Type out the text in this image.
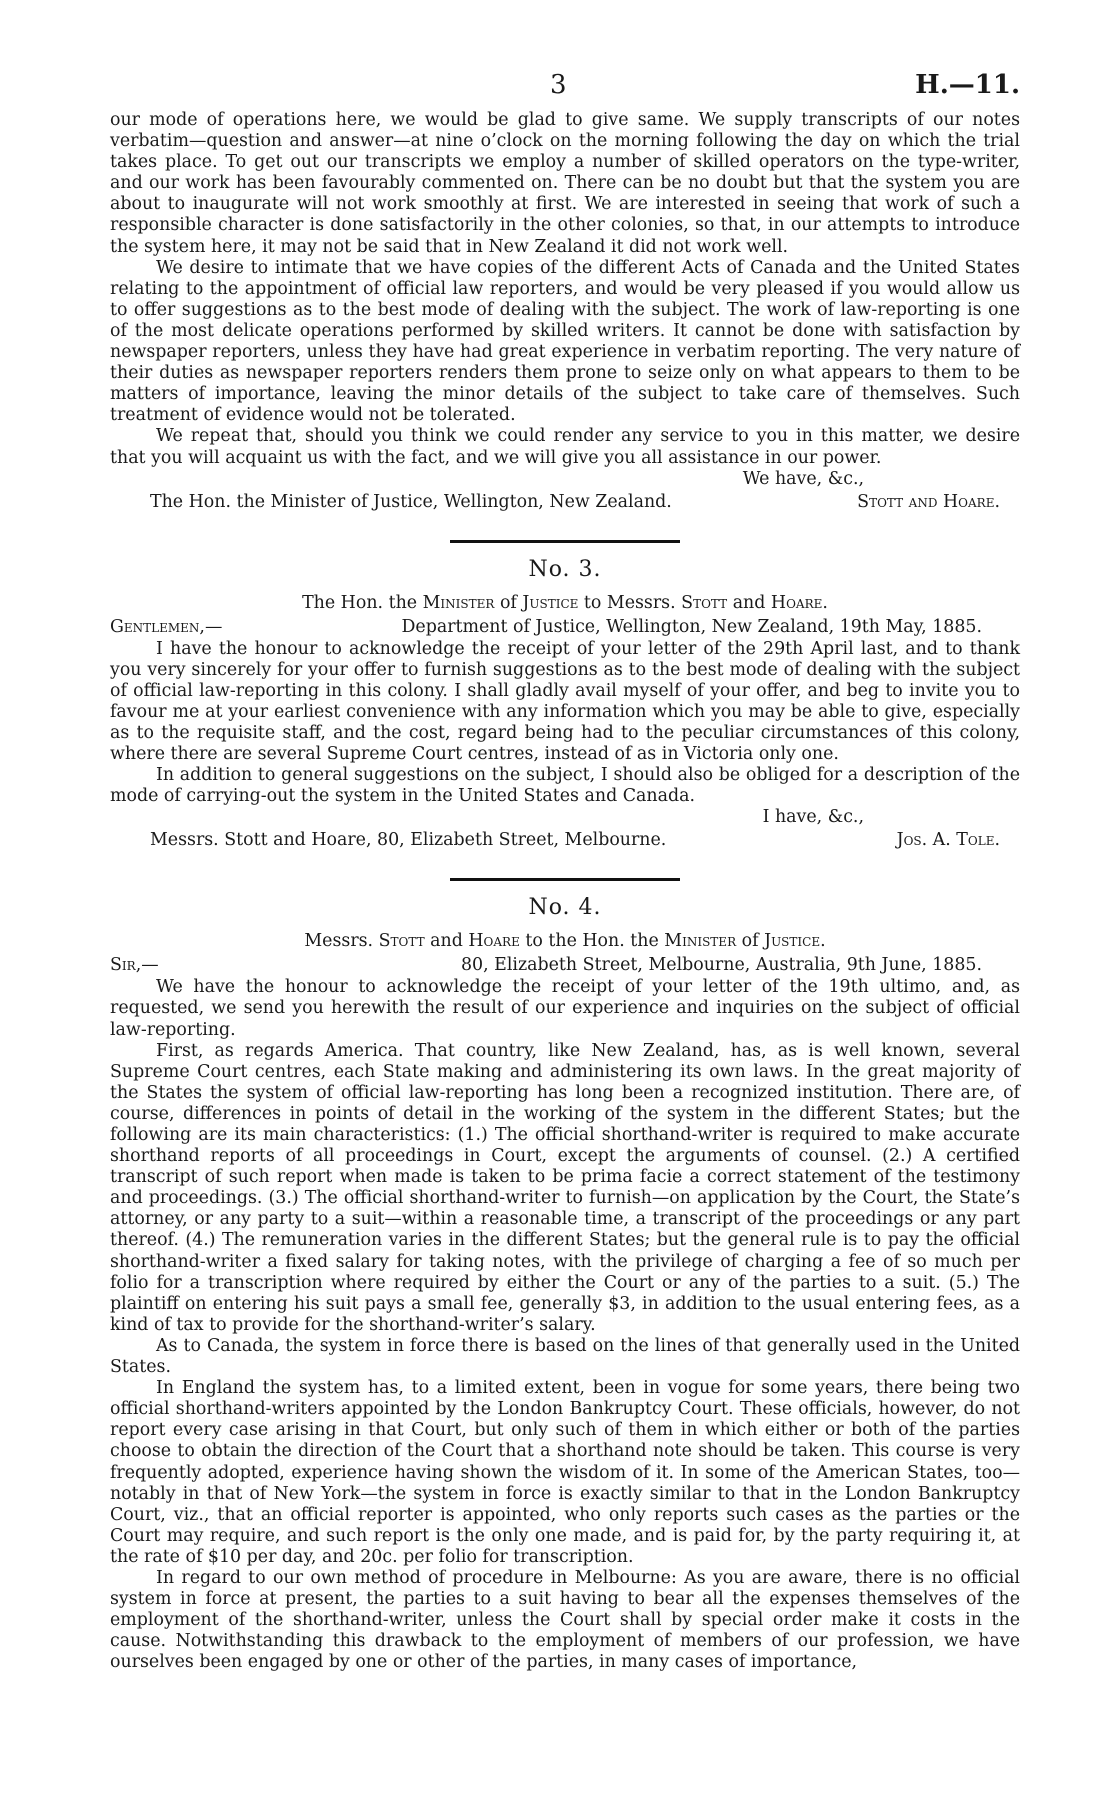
3	H.—11.

our mode of operations here, we would be glad to give same. We supply transcripts of our notes verbatim—question and answer—at nine o’clock on the morning following the day on which the trial takes place. To get out our transcripts we employ a number of skilled operators on the type-writer, and our work has been favourably commented on. There can be no doubt but that the system you are about to inaugurate will not work smoothly at first. We are interested in seeing that work of such a responsible character is done satisfactorily in the other colonies, so that, in our attempts to introduce the system here, it may not be said that in New Zealand it did not work well.

We desire to intimate that we have copies of the different Acts of Canada and the United States relating to the appointment of official law reporters, and would be very pleased if you would allow us to offer suggestions as to the best mode of dealing with the subject. The work of law-reporting is one of the most delicate operations performed by skilled writers. It cannot be done with satisfaction by newspaper reporters, unless they have had great experience in verbatim reporting. The very nature of their duties as newspaper reporters renders them prone to seize only on what appears to them to be matters of importance, leaving the minor details of the subject to take care of themselves. Such treatment of evidence would not be tolerated.

We repeat that, should you think we could render any service to you in this matter, we desire that you will acquaint us with the fact, and we will give you all assistance in our power.

We have, &c.,
The Hon. the Minister of Justice, Wellington, New Zealand.	Stott and Hoare.
No. 3.
The Hon. the Minister of Justice to Messrs. Stott and Hoare.
Gentlemen,—	Department of Justice, Wellington, New Zealand, 19th May, 1885.

I have the honour to acknowledge the receipt of your letter of the 29th April last, and to thank you very sincerely for your offer to furnish suggestions as to the best mode of dealing with the subject of official law-reporting in this colony. I shall gladly avail myself of your offer, and beg to invite you to favour me at your earliest convenience with any information which you may be able to give, especially as to the requisite staff, and the cost, regard being had to the peculiar circumstances of this colony, where there are several Supreme Court centres, instead of as in Victoria only one.

In addition to general suggestions on the subject, I should also be obliged for a description of the mode of carrying-out the system in the United States and Canada.

I have, &c.,
Messrs. Stott and Hoare, 80, Elizabeth Street, Melbourne.	Jos. A. Tole.
No. 4.
Messrs. Stott and Hoare to the Hon. the Minister of Justice.
Sir,—	80, Elizabeth Street, Melbourne, Australia, 9th June, 1885.

We have the honour to acknowledge the receipt of your letter of the 19th ultimo, and, as requested, we send you herewith the result of our experience and inquiries on the subject of official law-reporting.

First, as regards America. That country, like New Zealand, has, as is well known, several Supreme Court centres, each State making and administering its own laws. In the great majority of the States the system of official law-reporting has long been a recognized institution. There are, of course, differences in points of detail in the working of the system in the different States; but the following are its main characteristics: (1.) The official shorthand-writer is required to make accurate shorthand reports of all proceedings in Court, except the arguments of counsel. (2.) A certified transcript of such report when made is taken to be prima facie a correct statement of the testimony and proceedings. (3.) The official shorthand-writer to furnish—on application by the Court, the State’s attorney, or any party to a suit—within a reasonable time, a transcript of the proceedings or any part thereof. (4.) The remuneration varies in the different States; but the general rule is to pay the official shorthand-writer a fixed salary for taking notes, with the privilege of charging a fee of so much per folio for a transcription where required by either the Court or any of the parties to a suit. (5.) The plaintiff on entering his suit pays a small fee, generally $3, in addition to the usual entering fees, as a kind of tax to provide for the shorthand-writer’s salary.

As to Canada, the system in force there is based on the lines of that generally used in the United States.

In England the system has, to a limited extent, been in vogue for some years, there being two official shorthand-writers appointed by the London Bankruptcy Court. These officials, however, do not report every case arising in that Court, but only such of them in which either or both of the parties choose to obtain the direction of the Court that a shorthand note should be taken. This course is very frequently adopted, experience having shown the wisdom of it. In some of the American States, too—notably in that of New York—the system in force is exactly similar to that in the London Bankruptcy Court, viz., that an official reporter is appointed, who only reports such cases as the parties or the Court may require, and such report is the only one made, and is paid for, by the party requiring it, at the rate of $10 per day, and 20c. per folio for transcription.

In regard to our own method of procedure in Melbourne: As you are aware, there is no official system in force at present, the parties to a suit having to bear all the expenses themselves of the employment of the shorthand-writer, unless the Court shall by special order make it costs in the cause. Notwithstanding this drawback to the employment of members of our profession, we have ourselves been engaged by one or other of the parties, in many cases of importance,
